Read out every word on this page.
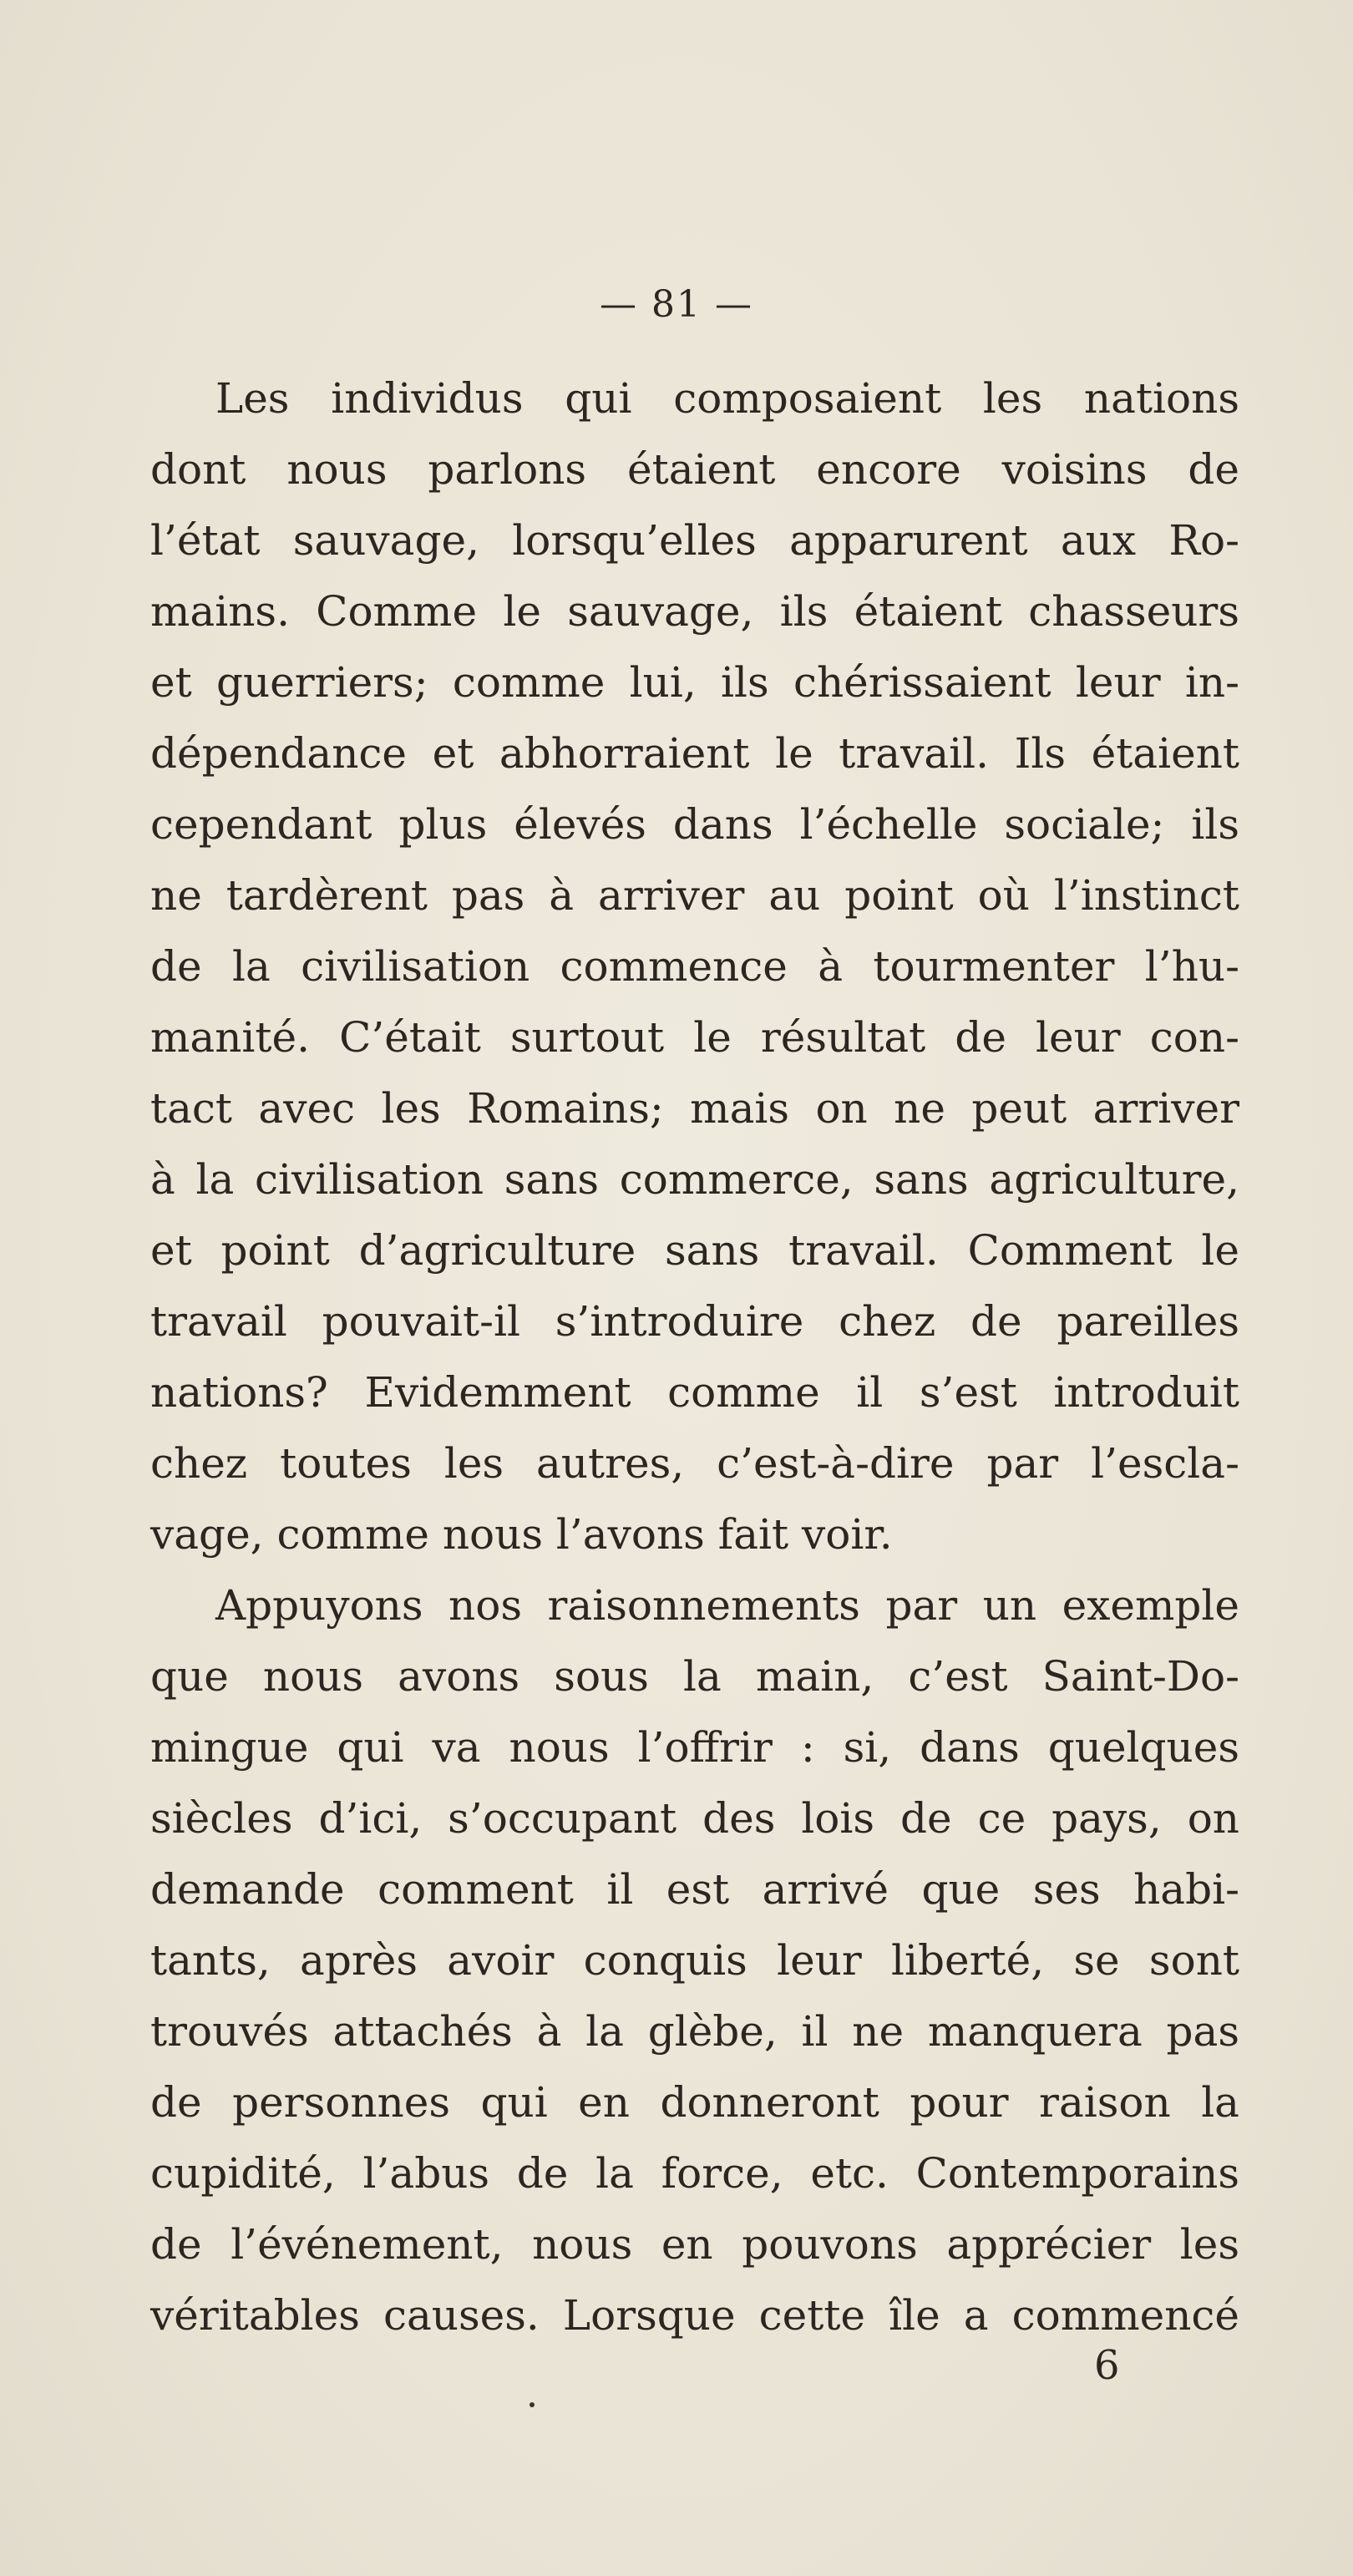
— 81 —
Les individus qui composaient les nations
dont nous parlons étaient encore voisins de
l’état sauvage, lorsqu’elles apparurent aux Ro-
mains. Comme le sauvage, ils étaient chasseurs
et guerriers; comme lui, ils chérissaient leur in-
dépendance et abhorraient le travail. Ils étaient
cependant plus élevés dans l’échelle sociale; ils
ne tardèrent pas à arriver au point où l’instinct
de la civilisation commence à tourmenter l’hu-
manité. C’était surtout le résultat de leur con-
tact avec les Romains; mais on ne peut arriver
à la civilisation sans commerce, sans agriculture,
et point d’agriculture sans travail. Comment le
travail pouvait-il s’introduire chez de pareilles
nations? Evidemment comme il s’est introduit
chez toutes les autres, c’est-à-dire par l’escla-
vage, comme nous l’avons fait voir.
Appuyons nos raisonnements par un exemple
que nous avons sous la main, c’est Saint-Do-
mingue qui va nous l’offrir : si, dans quelques
siècles d’ici, s’occupant des lois de ce pays, on
demande comment il est arrivé que ses habi-
tants, après avoir conquis leur liberté, se sont
trouvés attachés à la glèbe, il ne manquera pas
de personnes qui en donneront pour raison la
cupidité, l’abus de la force, etc. Contemporains
de l’événement, nous en pouvons apprécier les
véritables causes. Lorsque cette île a commencé
6
